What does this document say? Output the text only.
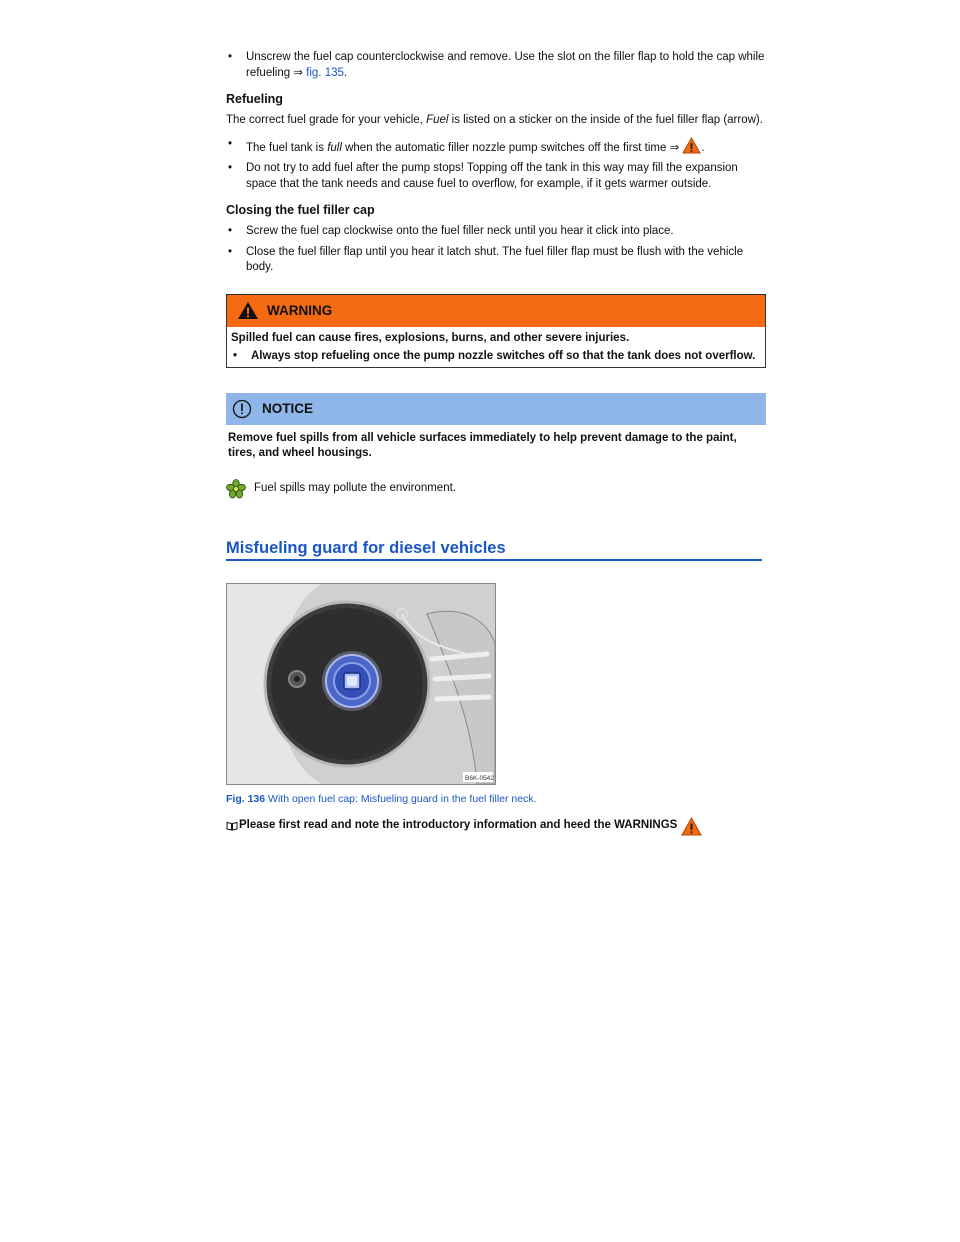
•	Unscrew the fuel cap counterclockwise and remove. Use the slot on the filler flap to hold the cap while refueling ⇒ fig. 135.
Refueling

The correct fuel grade for your vehicle, Fuel is listed on a sticker on the inside of the fuel filler flap (arrow).

•	The fuel tank is full when the automatic filler nozzle pump switches off the first time ⇒ .
•	Do not try to add fuel after the pump stops! Topping off the tank in this way may fill the expansion space that the tank needs and cause fuel to overflow, for example, if it gets warmer outside.
Closing the fuel filler cap
•	Screw the fuel cap clockwise onto the fuel filler neck until you hear it click into place.
•	Close the fuel filler flap until you hear it latch shut. The fuel filler flap must be flush with the vehicle body.
WARNING
Spilled fuel can cause fires, explosions, burns, and other severe injuries.
•	Always stop refueling once the pump nozzle switches off so that the tank does not overflow.
NOTICE
Remove fuel spills from all vehicle surfaces immediately to help prevent damage to the paint, tires, and wheel housings.
Fuel spills may pollute the environment.
Misfueling guard for diesel vehicles
B6K-0542
Fig. 136 With open fuel cap: Misfueling guard in the fuel filler neck.
Please first read and note the introductory information and heed the WARNINGS
